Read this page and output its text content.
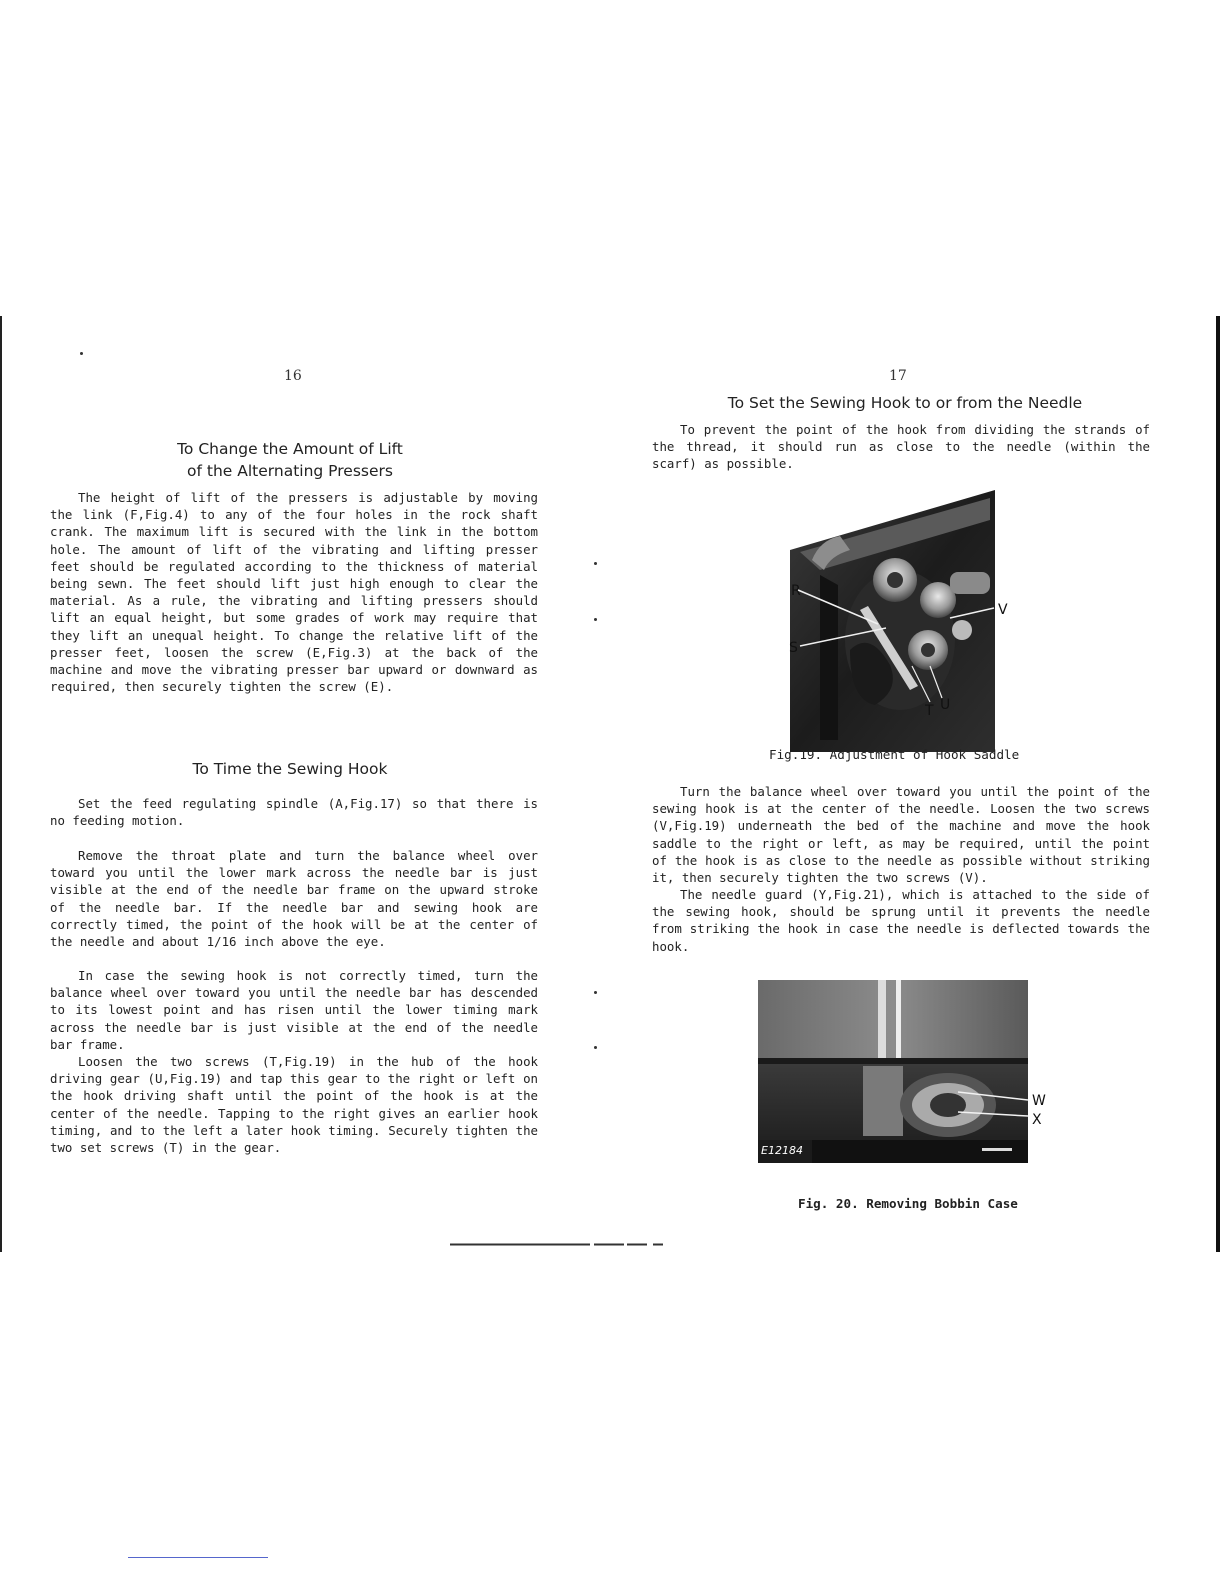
16
To Change the Amount of Lift
of the Alternating Pressers

The height of lift of the pressers is adjustable by moving the link (F,Fig.4) to any of the four holes in the rock shaft crank. The maximum lift is secured with the link in the bottom hole. The amount of lift of the vibrating and lifting presser feet should be regulated according to the thickness of material being sewn. The feet should lift just high enough to clear the material. As a rule, the vibrating and lifting pressers should lift an equal height, but some grades of work may require that they lift an unequal height. To change the relative lift of the presser feet, loosen the screw (E,Fig.3) at the back of the machine and move the vibrating presser bar upward or downward as required, then securely tighten the screw (E).

To Time the Sewing Hook

Set the feed regulating spindle (A,Fig.17) so that there is no feeding motion.

Remove the throat plate and turn the balance wheel over toward you until the lower mark across the needle bar is just visible at the end of the needle bar frame on the upward stroke of the needle bar. If the needle bar and sewing hook are correctly timed, the point of the hook will be at the center of the needle and about 1/16 inch above the eye.

In case the sewing hook is not correctly timed, turn the balance wheel over toward you until the needle bar has descended to its lowest point and has risen until the lower timing mark across the needle bar is just visible at the end of the needle bar frame.

Loosen the two screws (T,Fig.19) in the hub of the hook driving gear (U,Fig.19) and tap this gear to the right or left on the hook driving shaft until the point of the hook is at the center of the needle. Tapping to the right gives an earlier hook timing, and to the left a later hook timing. Securely tighten the two set screws (T) in the gear.

17
To Set the Sewing Hook to or from the Needle

To prevent the point of the hook from dividing the strands of the thread, it should run as close to the needle (within the scarf) as possible.

R
S
V
T U
Fig.19. Adjustment of Hook Saddle

Turn the balance wheel over toward you until the point of the sewing hook is at the center of the needle. Loosen the two screws (V,Fig.19) underneath the bed of the machine and move the hook saddle to the right or left, as may be required, until the point of the hook is as close to the needle as possible without striking it, then securely tighten the two screws (V).

The needle guard (Y,Fig.21), which is attached to the side of the sewing hook, should be sprung until it prevents the needle from striking the hook in case the needle is deflected towards the hook.

W
X
E12184
Fig. 20. Removing Bobbin Case
